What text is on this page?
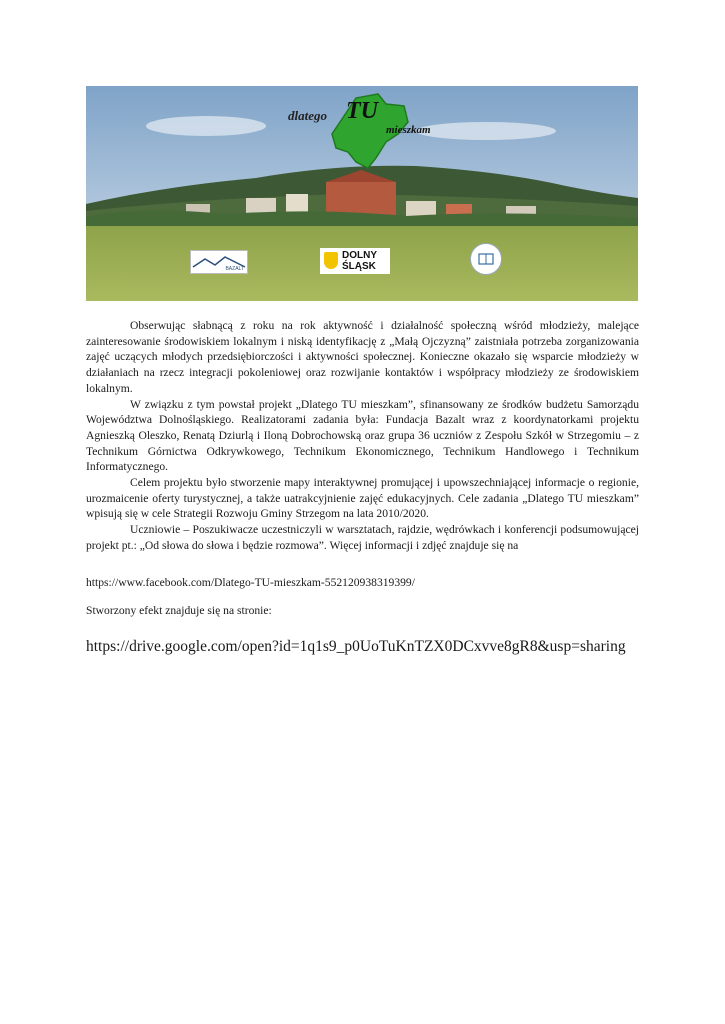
dlatego TU
mieszkam
BAZALT
DOLNY
ŚLĄSK

Obserwując słabnącą z roku na rok aktywność i działalność społeczną wśród młodzieży, malejące zainteresowanie środowiskiem lokalnym i niską identyfikację z „Małą Ojczyzną” zaistniała potrzeba zorganizowania zajęć uczących młodych przedsiębiorczości i aktywności społecznej. Konieczne okazało się wsparcie młodzieży w działaniach na rzecz integracji pokoleniowej oraz rozwijanie kontaktów i współpracy młodzieży ze środowiskiem lokalnym.

W związku z tym powstał projekt „Dlatego TU mieszkam”, sfinansowany ze środków budżetu Samorządu Województwa Dolnośląskiego. Realizatorami zadania była: Fundacja Bazalt wraz z koordynatorkami projektu Agnieszką Oleszko, Renatą Dziurlą i Iloną Dobrochowską oraz grupa 36 uczniów z Zespołu Szkół w Strzegomiu – z Technikum Górnictwa Odkrywkowego, Technikum Ekonomicznego, Technikum Handlowego i Technikum Informatycznego.

Celem projektu było stworzenie mapy interaktywnej promującej i upowszechniającej informacje o regionie, urozmaicenie oferty turystycznej, a także uatrakcyjnienie zajęć edukacyjnych. Cele zadania „Dlatego TU mieszkam” wpisują się w cele Strategii Rozwoju Gminy Strzegom na lata 2010/2020.

Uczniowie – Poszukiwacze uczestniczyli w warsztatach, rajdzie, wędrówkach i konferencji podsumowującej projekt pt.: „Od słowa do słowa i będzie rozmowa”. Więcej informacji i zdjęć znajduje się na

https://www.facebook.com/Dlatego-TU-mieszkam-552120938319399/
Stworzony efekt znajduje się na stronie:
https://drive.google.com/open?id=1q1s9_p0UoTuKnTZX0DCxvve8gR8&usp=sharing
